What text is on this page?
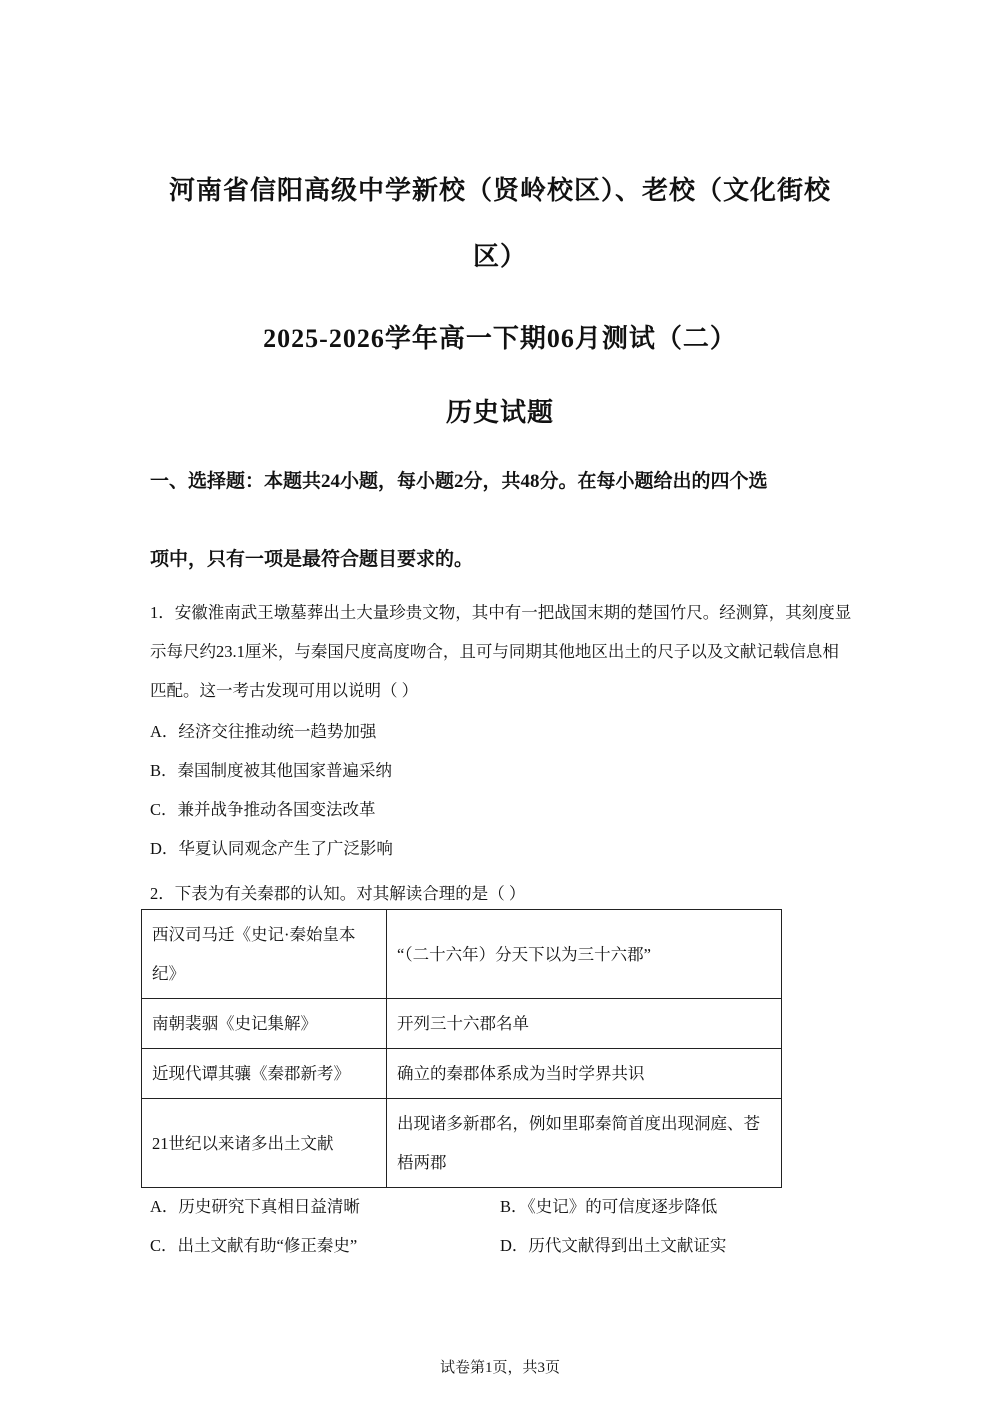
河南省信阳高级中学新校（贤岭校区）、老校（文化街校
区）
2025-2026学年高一下期06月测试（二）
历史试题
一、选择题：本题共24小题，每小题2分，共48分。在每小题给出的四个选
项中，只有一项是最符合题目要求的。
1．安徽淮南武王墩墓葬出土大量珍贵文物，其中有一把战国末期的楚国竹尺。经测算，其刻度显示每尺约23.1厘米，与秦国尺度高度吻合，且可与同期其他地区出土的尺子以及文献记载信息相匹配。这一考古发现可用以说明（ ）
A．经济交往推动统一趋势加强
B．秦国制度被其他国家普遍采纳
C．兼并战争推动各国变法改革
D．华夏认同观念产生了广泛影响
2．下表为有关秦郡的认知。对其解读合理的是（ ）
西汉司马迁《史记·秦始皇本纪》	“（二十六年）分天下以为三十六郡”
南朝裴骃《史记集解》	开列三十六郡名单
近现代谭其骧《秦郡新考》	确立的秦郡体系成为当时学界共识
21世纪以来诸多出土文献	出现诸多新郡名，例如里耶秦简首度出现洞庭、苍梧两郡
A．历史研究下真相日益清晰	B．《史记》的可信度逐步降低
C．出土文献有助“修正秦史”	D．历代文献得到出土文献证实
试卷第1页，共3页
